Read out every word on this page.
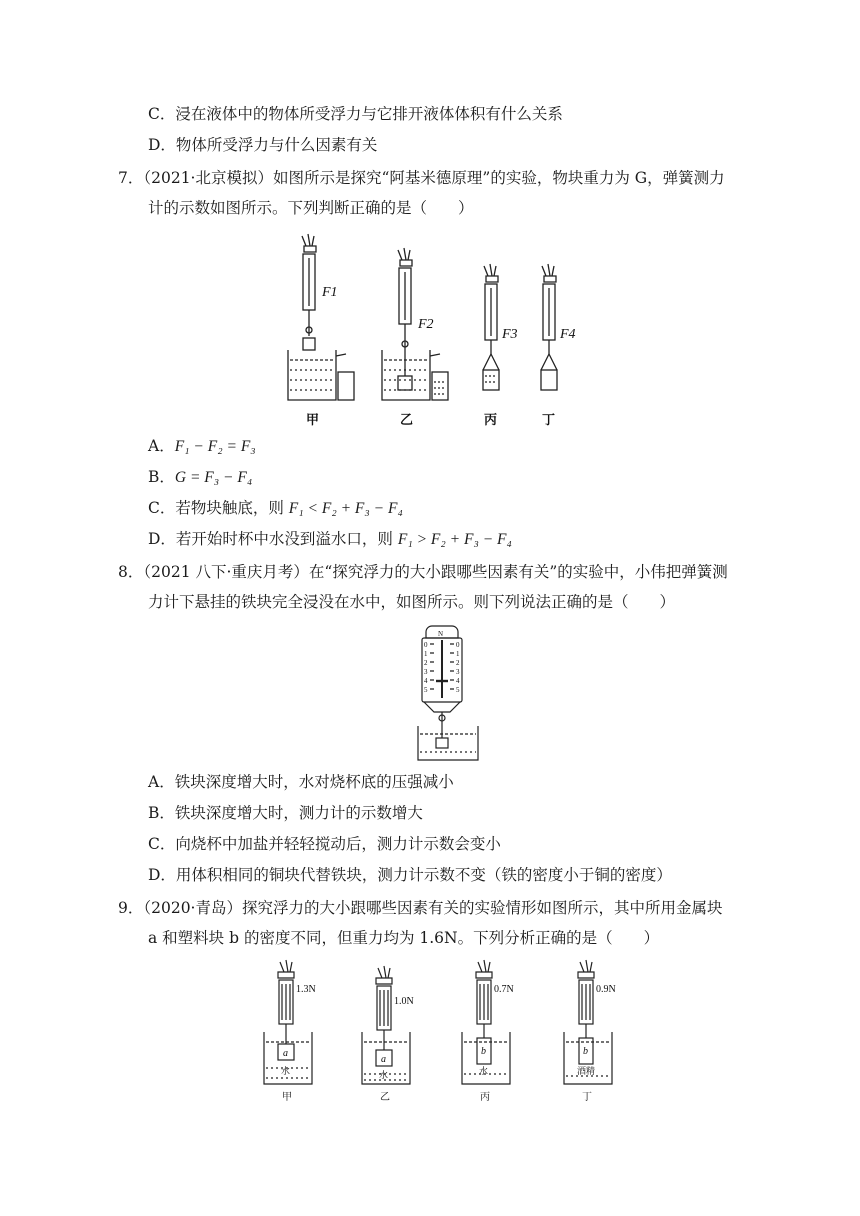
C．浸在液体中的物体所受浮力与它排开液体体积有什么关系
D．物体所受浮力与什么因素有关
7．（2021·北京模拟）如图所示是探究“阿基米德原理”的实验，物块重力为 G，弹簧测力
计的示数如图所示。下列判断正确的是（　　）
F1
F2
F3	F4
甲	乙	丙	丁
A．F₁ − F₂ = F₃
B．G = F₃ − F₄
C．若物块触底，则 F₁ < F₂ + F₃ − F₄
D．若开始时杯中水没到溢水口，则 F₁ > F₂ + F₃ − F₄
8．（2021 八下·重庆月考）在“探究浮力的大小跟哪些因素有关”的实验中，小伟把弹簧测
力计下悬挂的铁块完全浸没在水中，如图所示。则下列说法正确的是（　　）
N
0
1
2
3
4
5
0
1
2
3
4
5
A．铁块深度增大时，水对烧杯底的压强减小
B．铁块深度增大时，测力计的示数增大
C．向烧杯中加盐并轻轻搅动后，测力计示数会变小
D．用体积相同的铜块代替铁块，测力计示数不变（铁的密度小于铜的密度）
9．（2020·青岛）探究浮力的大小跟哪些因素有关的实验情形如图所示，其中所用金属块
a 和塑料块 b 的密度不同，但重力均为 1.6N。下列分析正确的是（　　）
1.3N
1.0N
0.7N	0.9N
a
a
b	b
水	水	水	酒精
甲	乙	丙	丁
